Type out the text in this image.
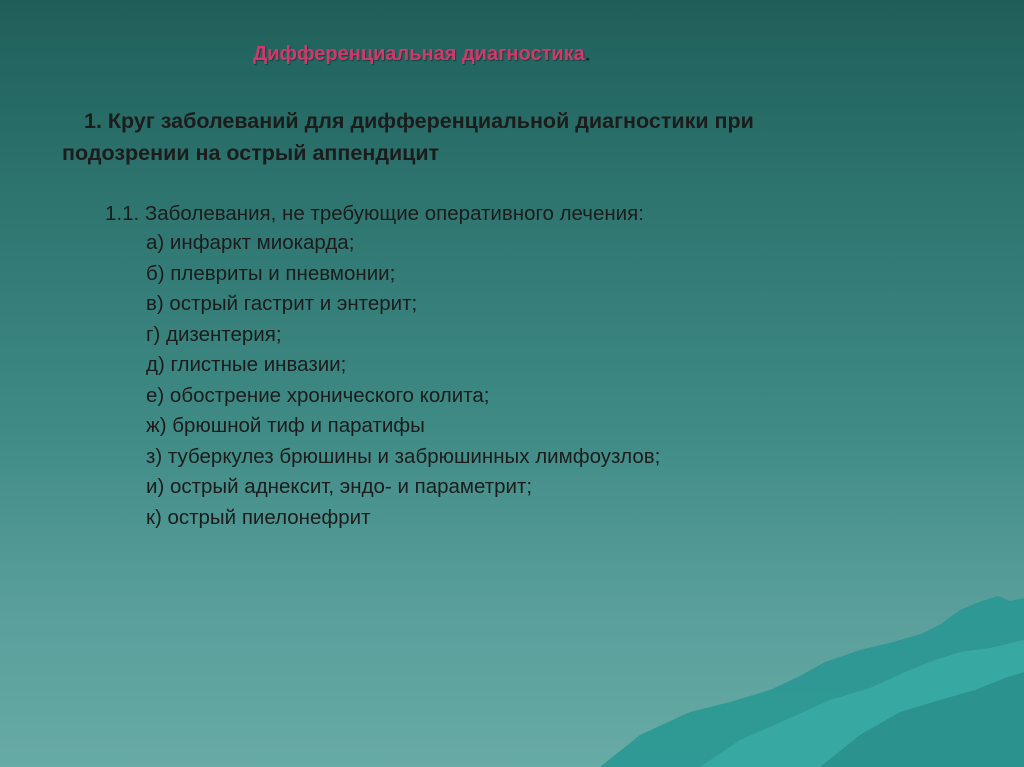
Дифференциальная диагностика.
1. Круг заболеваний для дифференциальной диагностики при
подозрении на острый аппендицит
1.1. Заболевания, не требующие оперативного лечения:
а) инфаркт миокарда;
б) плевриты и пневмонии;
в) острый гастрит и энтерит;
г) дизентерия;
д) глистные инвазии;
е) обострение хронического колита;
ж) брюшной тиф и паратифы
з) туберкулез брюшины и забрюшинных лимфоузлов;
и) острый аднексит, эндо- и параметрит;
к) острый пиелонефрит
